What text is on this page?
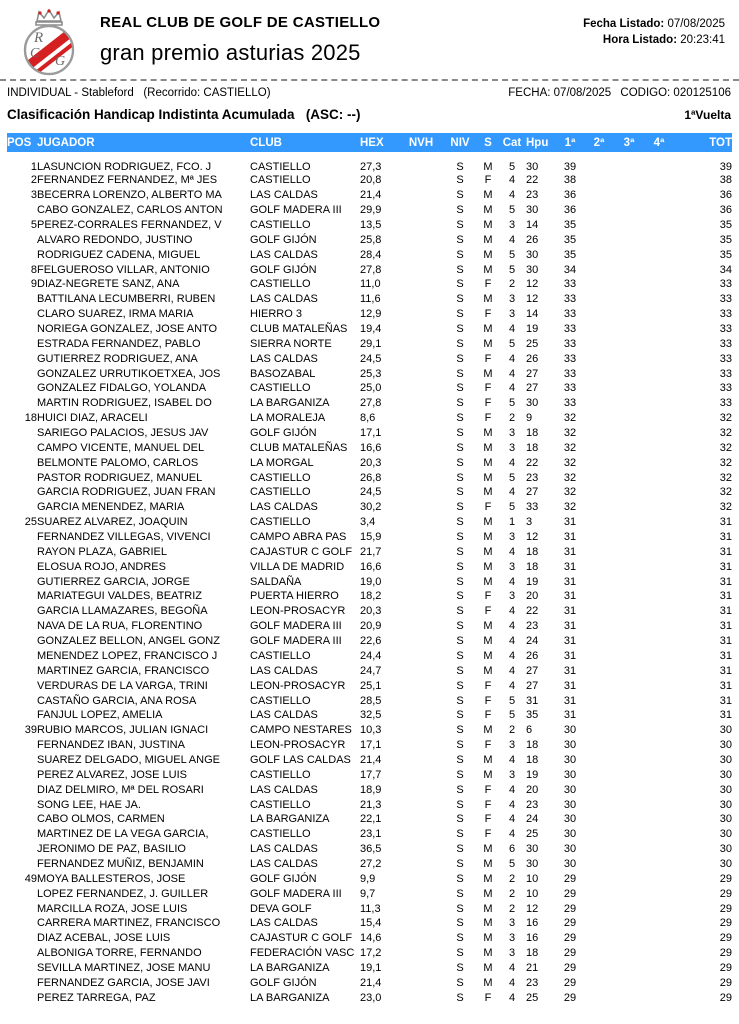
R
C
G
REAL CLUB DE GOLF DE CASTIELLO
gran premio asturias 2025
Fecha Listado: 07/08/2025
Hora Listado: 20:23:41
INDIVIDUAL - Stableford   (Recorrido: CASTIELLO)	FECHA: 07/08/2025 CODIGO: 020125106
Clasificación Handicap Indistinta Acumulada   (ASC: --)	1ªVuelta
POS	JUGADOR	CLUB	HEX	NVH	NIV	S	Cat	Hpu	1ª	2ª	3ª	4ª	TOT
1	LASUNCION RODRIGUEZ, FCO. J	CASTIELLO	27,3		S	M	5	30	39				39
2	FERNANDEZ FERNANDEZ, Mª JES	CASTIELLO	20,8		S	F	4	22	38				38
3	BECERRA LORENZO, ALBERTO MA	LAS CALDAS	21,4		S	M	4	23	36				36
	CABO GONZALEZ, CARLOS ANTON	GOLF MADERA III	29,9		S	M	5	30	36				36
5	PEREZ-CORRALES FERNANDEZ, V	CASTIELLO	13,5		S	M	3	14	35				35
	ALVARO REDONDO, JUSTINO	GOLF GIJÓN	25,8		S	M	4	26	35				35
	RODRIGUEZ CADENA, MIGUEL	LAS CALDAS	28,4		S	M	5	30	35				35
8	FELGUEROSO VILLAR, ANTONIO	GOLF GIJÓN	27,8		S	M	5	30	34				34
9	DIAZ-NEGRETE SANZ, ANA	CASTIELLO	11,0		S	F	2	12	33				33
	BATTILANA LECUMBERRI, RUBEN	LAS CALDAS	11,6		S	M	3	12	33				33
	CLARO SUAREZ, IRMA MARIA	HIERRO 3	12,9		S	F	3	14	33				33
	NORIEGA GONZALEZ, JOSE ANTO	CLUB MATALEÑAS	19,4		S	M	4	19	33				33
	ESTRADA FERNANDEZ, PABLO	SIERRA NORTE	29,1		S	M	5	25	33				33
	GUTIERREZ RODRIGUEZ, ANA	LAS CALDAS	24,5		S	F	4	26	33				33
	GONZALEZ URRUTIKOETXEA, JOS	BASOZABAL	25,3		S	M	4	27	33				33
	GONZALEZ FIDALGO, YOLANDA	CASTIELLO	25,0		S	F	4	27	33				33
	MARTIN RODRIGUEZ, ISABEL DO	LA BARGANIZA	27,8		S	F	5	30	33				33
18	HUICI DIAZ, ARACELI	LA MORALEJA	8,6		S	F	2	9	32				32
	SARIEGO PALACIOS, JESUS JAV	GOLF GIJÓN	17,1		S	M	3	18	32				32
	CAMPO VICENTE, MANUEL DEL	CLUB MATALEÑAS	16,6		S	M	3	18	32				32
	BELMONTE PALOMO, CARLOS	LA MORGAL	20,3		S	M	4	22	32				32
	PASTOR RODRIGUEZ, MANUEL	CASTIELLO	26,8		S	M	5	23	32				32
	GARCIA RODRIGUEZ, JUAN FRAN	CASTIELLO	24,5		S	M	4	27	32				32
	GARCIA MENENDEZ, MARIA	LAS CALDAS	30,2		S	F	5	33	32				32
25	SUAREZ ALVAREZ, JOAQUIN	CASTIELLO	3,4		S	M	1	3	31				31
	FERNANDEZ VILLEGAS, VIVENCI	CAMPO ABRA PAS	15,9		S	M	3	12	31				31
	RAYON PLAZA, GABRIEL	CAJASTUR C GOLF	21,7		S	M	4	18	31				31
	ELOSUA ROJO, ANDRES	VILLA DE MADRID	16,6		S	M	3	18	31				31
	GUTIERREZ GARCIA, JORGE	SALDAÑA	19,0		S	M	4	19	31				31
	MARIATEGUI VALDES, BEATRIZ	PUERTA HIERRO	18,2		S	F	3	20	31				31
	GARCIA LLAMAZARES, BEGOÑA	LEON-PROSACYR	20,3		S	F	4	22	31				31
	NAVA DE LA RUA, FLORENTINO	GOLF MADERA III	20,9		S	M	4	23	31				31
	GONZALEZ BELLON, ANGEL GONZ	GOLF MADERA III	22,6		S	M	4	24	31				31
	MENENDEZ LOPEZ, FRANCISCO J	CASTIELLO	24,4		S	M	4	26	31				31
	MARTINEZ GARCIA, FRANCISCO	LAS CALDAS	24,7		S	M	4	27	31				31
	VERDURAS DE LA VARGA, TRINI	LEON-PROSACYR	25,1		S	F	4	27	31				31
	CASTAÑO GARCIA, ANA ROSA	CASTIELLO	28,5		S	F	5	31	31				31
	FANJUL LOPEZ, AMELIA	LAS CALDAS	32,5		S	F	5	35	31				31
39	RUBIO MARCOS, JULIAN IGNACI	CAMPO NESTARES	10,3		S	M	2	6	30				30
	FERNANDEZ IBAN, JUSTINA	LEON-PROSACYR	17,1		S	F	3	18	30				30
	SUAREZ DELGADO, MIGUEL ANGE	GOLF LAS CALDAS	21,4		S	M	4	18	30				30
	PEREZ ALVAREZ, JOSE LUIS	CASTIELLO	17,7		S	M	3	19	30				30
	DIAZ DELMIRO, Mª DEL ROSARI	LAS CALDAS	18,9		S	F	4	20	30				30
	SONG LEE, HAE JA.	CASTIELLO	21,3		S	F	4	23	30				30
	CABO OLMOS, CARMEN	LA BARGANIZA	22,1		S	F	4	24	30				30
	MARTINEZ DE LA VEGA GARCIA,	CASTIELLO	23,1		S	F	4	25	30				30
	JERONIMO DE PAZ, BASILIO	LAS CALDAS	36,5		S	M	6	30	30				30
	FERNANDEZ MUÑIZ, BENJAMIN	LAS CALDAS	27,2		S	M	5	30	30				30
49	MOYA BALLESTEROS, JOSE	GOLF GIJÓN	9,9		S	M	2	10	29				29
	LOPEZ FERNANDEZ, J. GUILLER	GOLF MADERA III	9,7		S	M	2	10	29				29
	MARCILLA ROZA, JOSE LUIS	DEVA GOLF	11,3		S	M	2	12	29				29
	CARRERA MARTINEZ, FRANCISCO	LAS CALDAS	15,4		S	M	3	16	29				29
	DIAZ ACEBAL, JOSE LUIS	CAJASTUR C GOLF	14,6		S	M	3	16	29				29
	ALBONIGA TORRE, FERNANDO	FEDERACIÓN VASC	17,2		S	M	3	18	29				29
	SEVILLA MARTINEZ, JOSE MANU	LA BARGANIZA	19,1		S	M	4	21	29				29
	FERNANDEZ GARCIA, JOSE JAVI	GOLF GIJÓN	21,4		S	M	4	23	29				29
	PEREZ TARREGA, PAZ	LA BARGANIZA	23,0		S	F	4	25	29				29
